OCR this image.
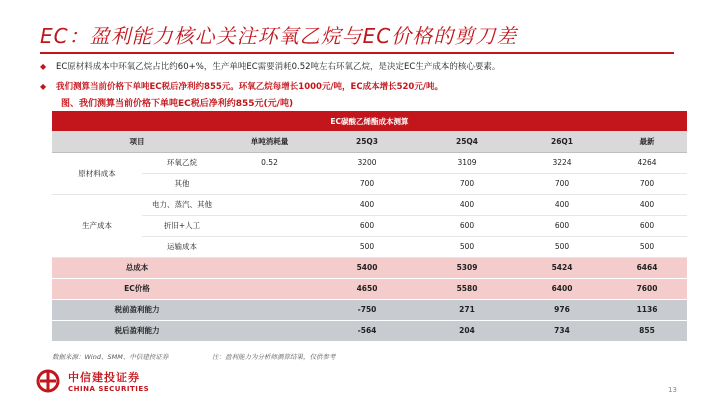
EC：盈利能力核心关注环氧乙烷与EC价格的剪刀差
◆	EC原材料成本中环氧乙烷占比约60+%，生产单吨EC需要消耗0.52吨左右环氧乙烷，是决定EC生产成本的核心要素。
◆	我们测算当前价格下单吨EC税后净利约855元。环氧乙烷每增长1000元/吨，EC成本增长520元/吨。
图、我们测算当前价格下单吨EC税后净利约855元(元/吨)
EC碳酸乙烯酯成本测算
项目		单吨消耗量	25Q3	25Q4	26Q1	最新
原材料成本	环氧乙烷	0.52	3200	3109	3224	4264
	其他		700	700	700	700
生产成本	电力、蒸汽、其他		400	400	400	400
	折旧+人工		600	600	600	600
	运输成本		500	500	500	500
总成本			5400	5309	5424	6464
EC价格			4650	5580	6400	7600
税前盈利能力			-750	271	976	1136
税后盈利能力			-564	204	734	855
数据来源：Wind、SMM、中信建投证券	注：盈利能力为分析师测算结果，仅供参考
中信建投证券
CHINA SECURITIES	13
